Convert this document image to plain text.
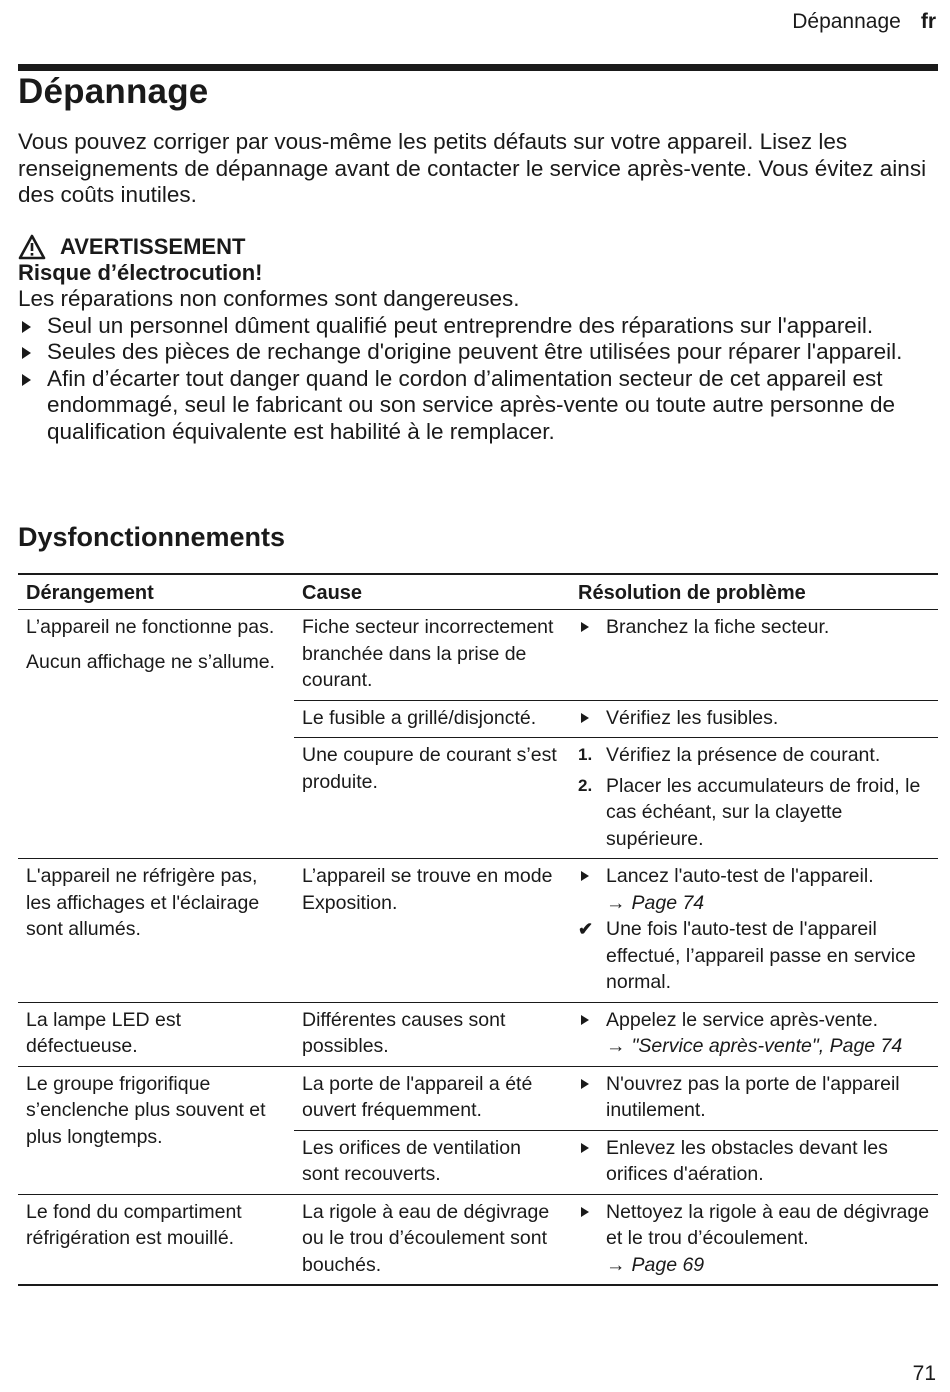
Dépannage fr
Dépannage

Vous pouvez corriger par vous-même les petits défauts sur votre appareil. Lisez les renseignements de dépannage avant de contacter le service après-vente. Vous évitez ainsi des coûts inutiles.

AVERTISSEMENT
Risque d’électrocution!
Les réparations non conformes sont dangereuses.
Seul un personnel dûment qualifié peut entreprendre des réparations sur l'appareil.
Seules des pièces de rechange d'origine peuvent être utilisées pour réparer l'appareil.
Afin d’écarter tout danger quand le cordon d’alimentation secteur de cet appareil est endommagé, seul le fabricant ou son service après-vente ou toute autre personne de qualification équivalente est habilité à le remplacer.
Dysfonctionnements
Dérangement	Cause	Résolution de problème

L’appareil ne fonctionne pas.
Aucun affichage ne s’allume.	Fiche secteur incorrectement branchée dans la prise de courant.	Branchez la fiche secteur.

	Le fusible a grillé/disjoncté.	Vérifiez les fusibles.

	Une coupure de courant s’est produite.	1. Vérifiez la présence de courant.
2. Placer les accumulateurs de froid, le cas échéant, sur la clayette supérieure.

L'appareil ne réfrigère pas, les affichages et l'éclairage sont allumés.	L’appareil se trouve en mode Exposition.	Lancez l'auto-test de l'appareil.
→ Page 74
✔ Une fois l'auto-test de l'appareil effectué, l’appareil passe en service normal.

La lampe LED est défectueuse.	Différentes causes sont possibles.	Appelez le service après-vente.
→ "Service après-vente", Page 74

Le groupe frigorifique s’enclenche plus souvent et plus longtemps.	La porte de l'appareil a été ouvert fréquemment.	N'ouvrez pas la porte de l'appareil inutilement.

	Les orifices de ventilation sont recouverts.	Enlevez les obstacles devant les orifices d'aération.

Le fond du compartiment réfrigération est mouillé.	La rigole à eau de dégivrage ou le trou d’écoulement sont bouchés.	Nettoyez la rigole à eau de dégivrage et le trou d’écoulement.
→ Page 69
71
